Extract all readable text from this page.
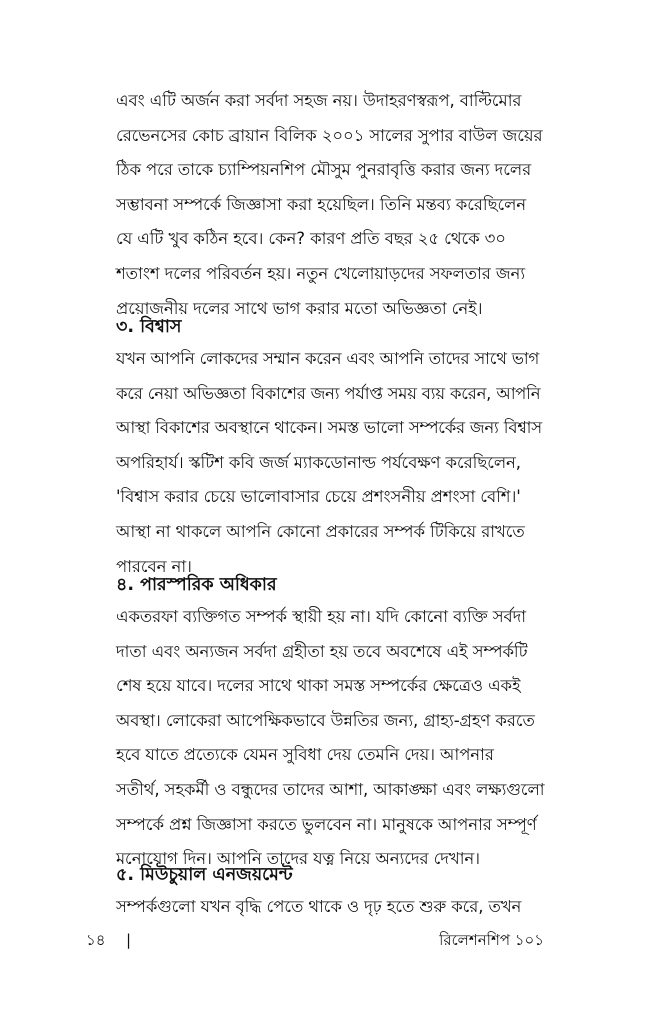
এবং এটি অর্জন করা সর্বদা সহজ নয়। উদাহরণস্বরূপ, বাল্টিমোর

রেভেনসের কোচ ব্রায়ান বিলিক ২০০১ সালের সুপার বাউল জয়ের

ঠিক পরে তাকে চ্যাম্পিয়নশিপ মৌসুম পুনরাবৃত্তি করার জন্য দলের

সম্ভাবনা সম্পর্কে জিজ্ঞাসা করা হয়েছিল। তিনি মন্তব্য করেছিলেন

যে এটি খুব কঠিন হবে। কেন? কারণ প্রতি বছর ২৫ থেকে ৩০

শতাংশ দলের পরিবর্তন হয়। নতুন খেলোয়াড়দের সফলতার জন্য

প্রয়োজনীয় দলের সাথে ভাগ করার মতো অভিজ্ঞতা নেই।

৩. বিশ্বাস

যখন আপনি লোকদের সম্মান করেন এবং আপনি তাদের সাথে ভাগ

করে নেয়া অভিজ্ঞতা বিকাশের জন্য পর্যাপ্ত সময় ব্যয় করেন, আপনি

আস্থা বিকাশের অবস্থানে থাকেন। সমস্ত ভালো সম্পর্কের জন্য বিশ্বাস

অপরিহার্য। স্কটিশ কবি জর্জ ম্যাকডোনাল্ড পর্যবেক্ষণ করেছিলেন,

'বিশ্বাস করার চেয়ে ভালোবাসার চেয়ে প্রশংসনীয় প্রশংসা বেশি।'

আস্থা না থাকলে আপনি কোনো প্রকারের সম্পর্ক টিকিয়ে রাখতে

পারবেন না।

৪. পারস্পরিক অধিকার

একতরফা ব্যক্তিগত সম্পর্ক স্থায়ী হয় না। যদি কোনো ব্যক্তি সর্বদা

দাতা এবং অন্যজন সর্বদা গ্রহীতা হয় তবে অবশেষে এই সম্পর্কটি

শেষ হয়ে যাবে। দলের সাথে থাকা সমস্ত সম্পর্কের ক্ষেত্রেও একই

অবস্থা। লোকেরা আপেক্ষিকভাবে উন্নতির জন্য, গ্রাহ্য-গ্রহণ করতে

হবে যাতে প্রত্যেকে যেমন সুবিধা দেয় তেমনি দেয়। আপনার

সতীর্থ, সহকর্মী ও বন্ধুদের তাদের আশা, আকাঙ্ক্ষা এবং লক্ষ্যগুলো

সম্পর্কে প্রশ্ন জিজ্ঞাসা করতে ভুলবেন না। মানুষকে আপনার সম্পূর্ণ

মনোযোগ দিন। আপনি তাদের যত্ন নিয়ে অন্যদের দেখান।

৫. মিউচুয়াল এনজয়মেন্ট

সম্পর্কগুলো যখন বৃদ্ধি পেতে থাকে ও দৃঢ় হতে শুরু করে, তখন

১৪ |	রিলেশনশিপ ১০১
